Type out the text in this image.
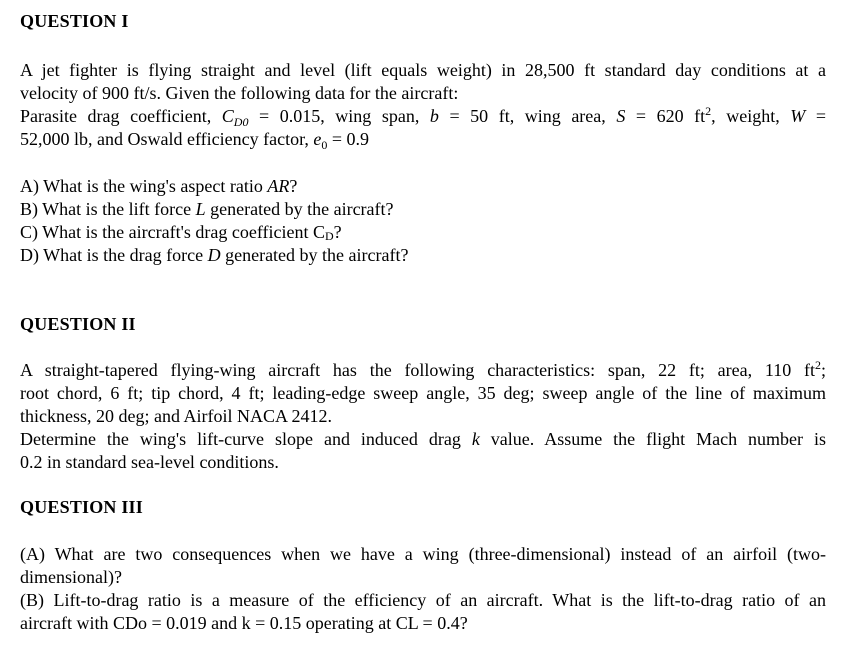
QUESTION I
A jet fighter is flying straight and level (lift equals weight) in 28,500 ft standard day conditions at a
velocity of 900 ft/s. Given the following data for the aircraft:
Parasite drag coefficient, $C_{D0} = 0.015$, wing span, b = 50 ft, wing area, S = 620 $ft^2$, weight, W =
52,000 lb, and Oswald efficiency factor, $e_0 = 0.9$
A) What is the wing's aspect ratio AR?
B) What is the lift force L generated by the aircraft?
C) What is the aircraft's drag coefficient $C_D$?
D) What is the drag force D generated by the aircraft?
QUESTION II
A straight-tapered flying-wing aircraft has the following characteristics: span, 22 ft; area, 110 $ft^2$;
root chord, 6 ft; tip chord, 4 ft; leading-edge sweep angle, 35 deg; sweep angle of the line of maximum
thickness, 20 deg; and Airfoil NACA 2412.
Determine the wing's lift-curve slope and induced drag k value. Assume the flight Mach number is
0.2 in standard sea-level conditions.
QUESTION III
(A) What are two consequences when we have a wing (three-dimensional) instead of an airfoil (two-
dimensional)?
(B) Lift-to-drag ratio is a measure of the efficiency of an aircraft. What is the lift-to-drag ratio of an
aircraft with CDo = 0.019 and k = 0.15 operating at CL = 0.4?
